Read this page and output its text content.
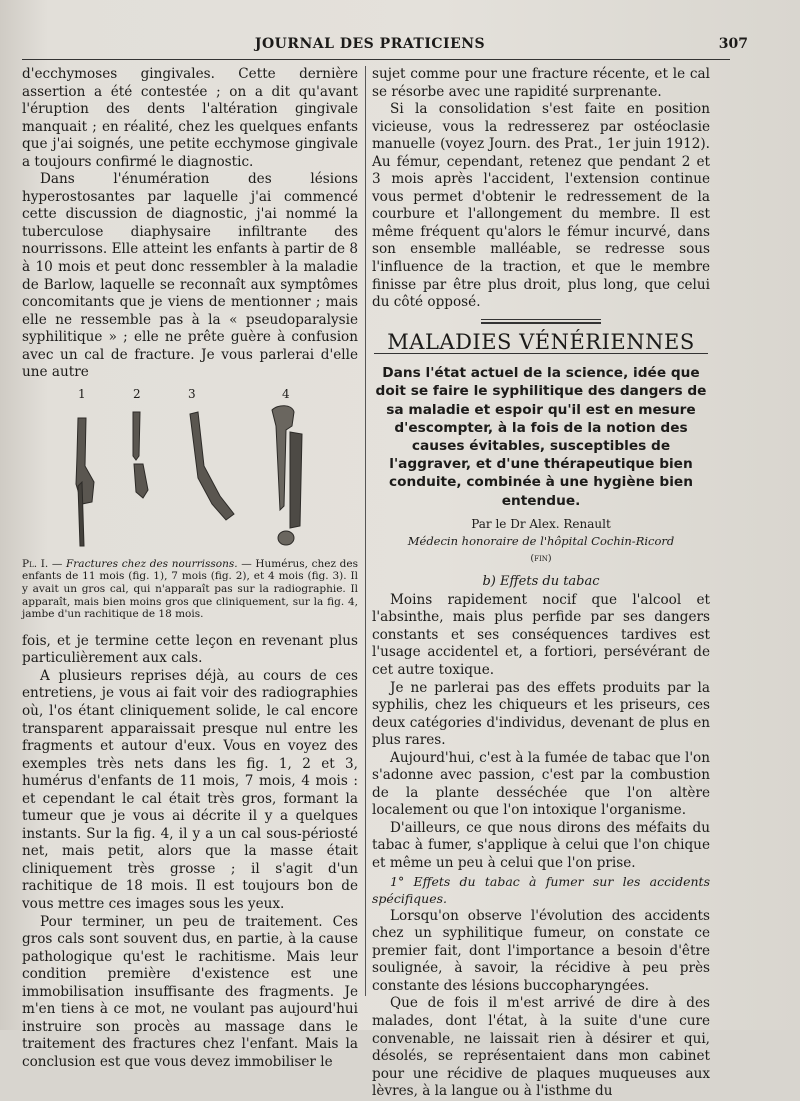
JOURNAL DES PRATICIENS	307

d'ecchymoses gingivales. Cette dernière assertion a été contestée ; on a dit qu'avant l'éruption des dents l'altération gingivale manquait ; en réalité, chez les quelques enfants que j'ai soignés, une petite ecchymose gingivale a toujours confirmé le diagnostic.

Dans l'énumération des lésions hyperostosantes par laquelle j'ai commencé cette discussion de diagnostic, j'ai nommé la tuberculose diaphysaire infiltrante des nourrissons. Elle atteint les enfants à partir de 8 à 10 mois et peut donc ressembler à la maladie de Barlow, laquelle se reconnaît aux symptômes concomitants que je viens de mentionner ; mais elle ne ressemble pas à la « pseudoparalysie syphilitique » ; elle ne prête guère à confusion avec un cal de fracture. Je vous parlerai d'elle une autre

1	2	3	4
Pl. I. — Fractures chez des nourrissons. — Humérus, chez des enfants de 11 mois (fig. 1), 7 mois (fig. 2), et 4 mois (fig. 3). Il y avait un gros cal, qui n'apparaît pas sur la radiographie. Il apparaît, mais bien moins gros que cliniquement, sur la fig. 4, jambe d'un rachitique de 18 mois.

fois, et je termine cette leçon en revenant plus particulièrement aux cals.

A plusieurs reprises déjà, au cours de ces entretiens, je vous ai fait voir des radiographies où, l'os étant cliniquement solide, le cal encore transparent apparaissait presque nul entre les fragments et autour d'eux. Vous en voyez des exemples très nets dans les fig. 1, 2 et 3, humérus d'enfants de 11 mois, 7 mois, 4 mois : et cependant le cal était très gros, formant la tumeur que je vous ai décrite il y a quelques instants. Sur la fig. 4, il y a un cal sous-périosté net, mais petit, alors que la masse était cliniquement très grosse ; il s'agit d'un rachitique de 18 mois. Il est toujours bon de vous mettre ces images sous les yeux.

Pour terminer, un peu de traitement. Ces gros cals sont souvent dus, en partie, à la cause pathologique qu'est le rachitisme. Mais leur condition première d'existence est une immobilisation insuffisante des fragments. Je m'en tiens à ce mot, ne voulant pas aujourd'hui instruire son procès au massage dans le traitement des fractures chez l'enfant. Mais la conclusion est que vous devez immobiliser le

sujet comme pour une fracture récente, et le cal se résorbe avec une rapidité surprenante.

Si la consolidation s'est faite en position vicieuse, vous la redresserez par ostéoclasie manuelle (voyez Journ. des Prat., 1er juin 1912). Au fémur, cependant, retenez que pendant 2 et 3 mois après l'accident, l'extension continue vous permet d'obtenir le redressement de la courbure et l'allongement du membre. Il est même fréquent qu'alors le fémur incurvé, dans son ensemble malléable, se redresse sous l'influence de la traction, et que le membre finisse par être plus droit, plus long, que celui du côté opposé.

MALADIES VÉNÉRIENNES
Dans l'état actuel de la science, idée que doit se faire le syphilitique des dangers de sa maladie et espoir qu'il est en mesure d'escompter, à la fois de la notion des causes évitables, susceptibles de l'aggraver, et d'une thérapeutique bien conduite, combinée à une hygiène bien entendue.
Par le Dr Alex. Renault
Médecin honoraire de l'hôpital Cochin-Ricord
(fin)
b) Effets du tabac

Moins rapidement nocif que l'alcool et l'absinthe, mais plus perfide par ses dangers constants et ses conséquences tardives est l'usage accidentel et, a fortiori, persévérant de cet autre toxique.

Je ne parlerai pas des effets produits par la syphilis, chez les chiqueurs et les priseurs, ces deux catégories d'individus, devenant de plus en plus rares.

Aujourd'hui, c'est à la fumée de tabac que l'on s'adonne avec passion, c'est par la combustion de la plante desséchée que l'on altère localement ou que l'on intoxique l'organisme.

D'ailleurs, ce que nous dirons des méfaits du tabac à fumer, s'applique à celui que l'on chique et même un peu à celui que l'on prise.

1° Effets du tabac à fumer sur les accidents spécifiques.

Lorsqu'on observe l'évolution des accidents chez un syphilitique fumeur, on constate ce premier fait, dont l'importance a besoin d'être soulignée, à savoir, la récidive à peu près constante des lésions buccopharyngées.

Que de fois il m'est arrivé de dire à des malades, dont l'état, à la suite d'une cure convenable, ne laissait rien à désirer et qui, désolés, se représentaient dans mon cabinet pour une récidive de plaques muqueuses aux lèvres, à la langue ou à l'isthme du
